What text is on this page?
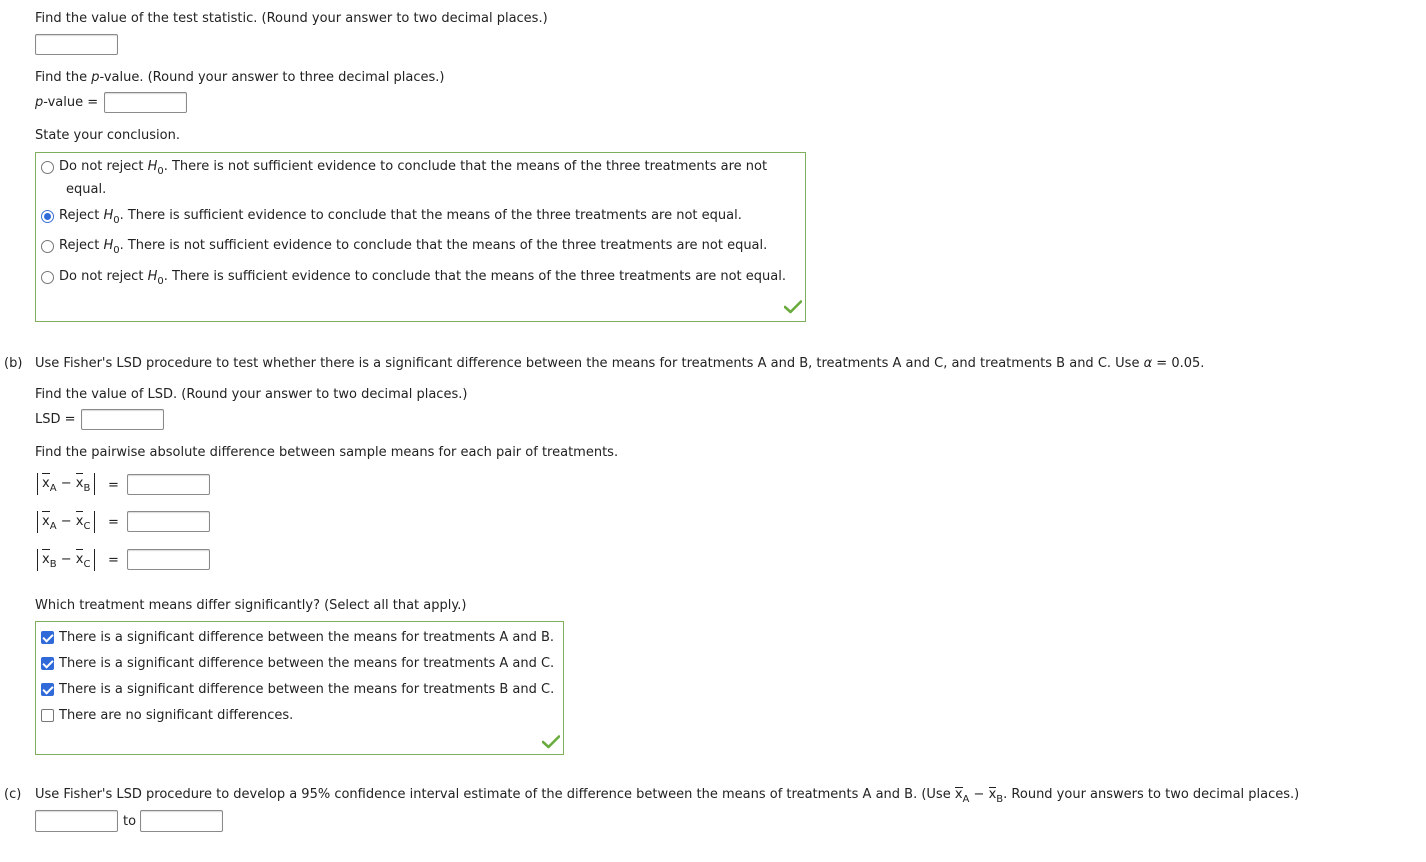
Find the value of the test statistic. (Round your answer to two decimal places.)
Find the p-value. (Round your answer to three decimal places.)
p-value =
State your conclusion.
Do not reject $H_0$. There is not sufficient evidence to conclude that the means of the three treatments are not
equal.
Reject $H_0$. There is sufficient evidence to conclude that the means of the three treatments are not equal.
Reject $H_0$. There is not sufficient evidence to conclude that the means of the three treatments are not equal.
Do not reject $H_0$. There is sufficient evidence to conclude that the means of the three treatments are not equal.
(b) Use Fisher's LSD procedure to test whether there is a significant difference between the means for treatments A and B, treatments A and C, and treatments B and C. Use α = 0.05.
Find the value of LSD. (Round your answer to two decimal places.)
LSD =
Find the pairwise absolute difference between sample means for each pair of treatments.
$x_A - x_B$	=
$x_A - x_C$	=
$x_B - x_C$	=
Which treatment means differ significantly? (Select all that apply.)
There is a significant difference between the means for treatments A and B.
There is a significant difference between the means for treatments A and C.
There is a significant difference between the means for treatments B and C.
There are no significant differences.
(c) Use Fisher's LSD procedure to develop a 95% confidence interval estimate of the difference between the means of treatments A and B. (Use $x_A - x_B$. Round your answers to two decimal places.)
to
